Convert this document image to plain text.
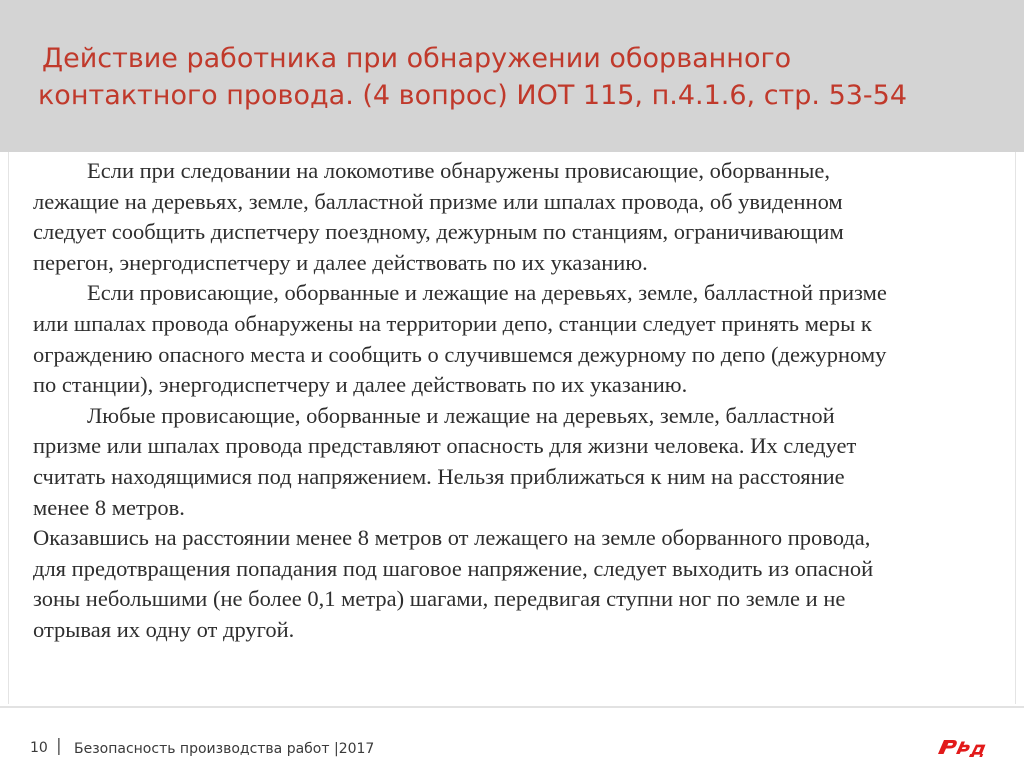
Действие работника при обнаружении оборванного
контактного провода. (4 вопрос) ИОТ 115, п.4.1.6, стр. 53-54

Если при следовании на локомотиве обнаружены провисающие, оборванные,
лежащие на деревьях, земле, балластной призме или шпалах провода, об увиденном
следует сообщить диспетчеру поездному, дежурным по станциям, ограничивающим
перегон, энергодиспетчеру и далее действовать по их указанию.

Если провисающие, оборванные и лежащие на деревьях, земле, балластной призме
или шпалах провода обнаружены на территории депо, станции следует принять меры к
ограждению опасного места и сообщить о случившемся дежурному по депо (дежурному
по станции), энергодиспетчеру и далее действовать по их указанию.

Любые провисающие, оборванные и лежащие на деревьях, земле, балластной
призме или шпалах провода представляют опасность для жизни человека. Их следует
считать находящимися под напряжением. Нельзя приближаться к ним на расстояние
менее 8 метров.

Оказавшись на расстоянии менее 8 метров от лежащего на земле оборванного провода,
для предотвращения попадания под шаговое напряжение, следует выходить из опасной
зоны небольшими (не более 0,1 метра) шагами, передвигая ступни ног по земле и не
отрывая их одну от другой.

10 | Безопасность производства работ |2017
